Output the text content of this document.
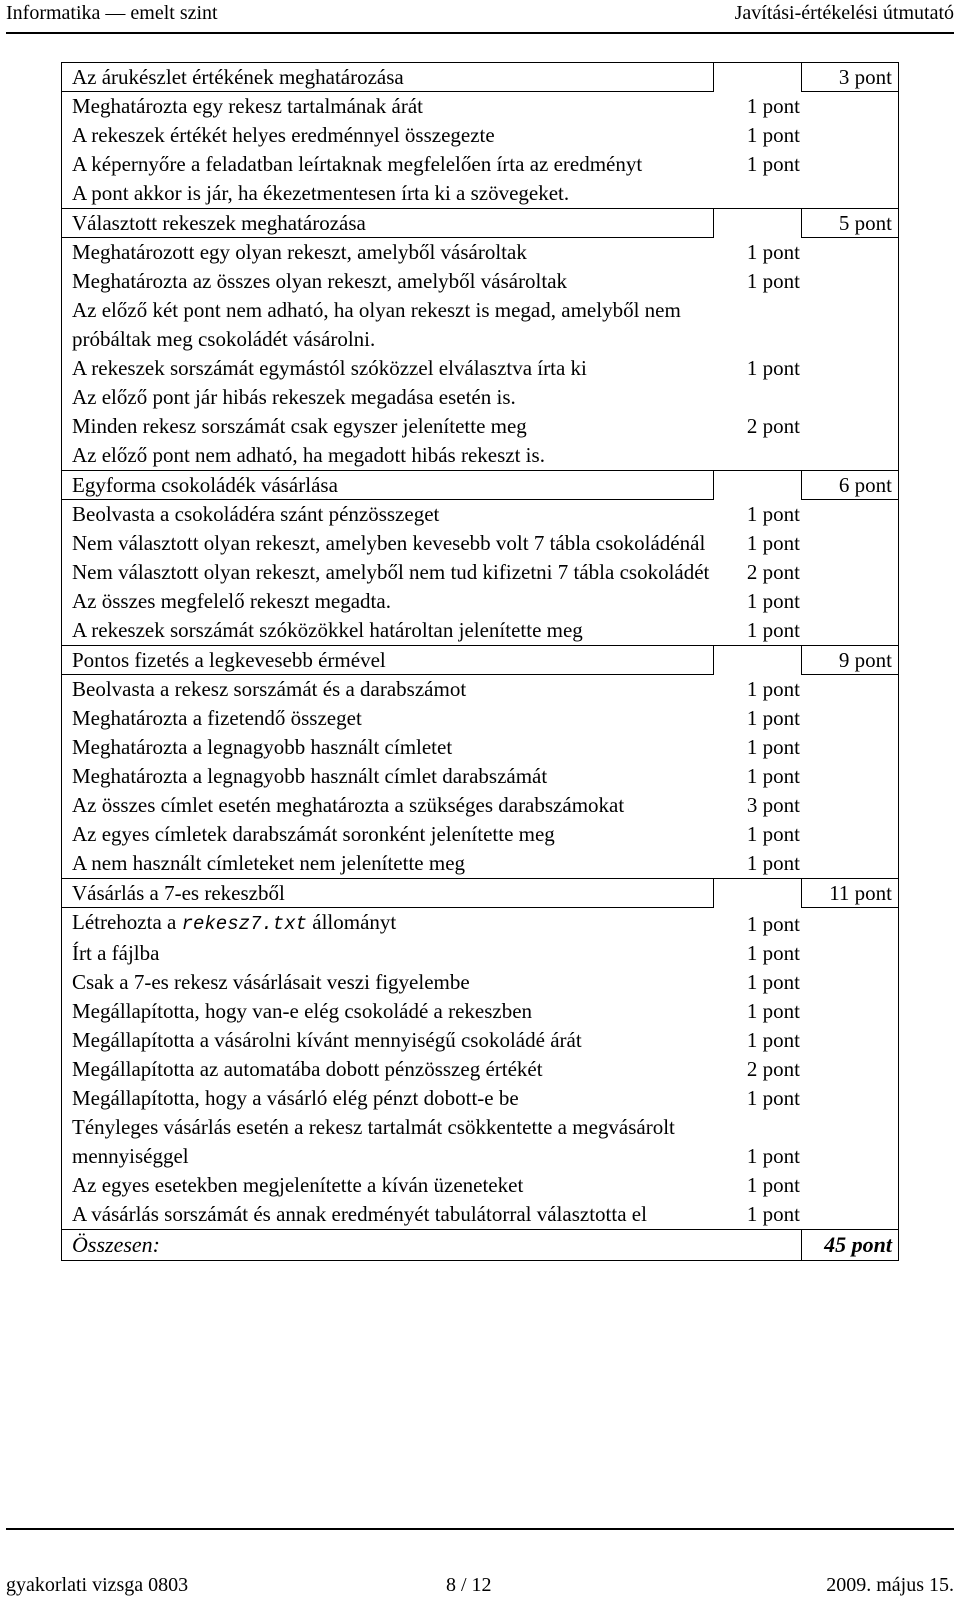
Informatika — emelt szint	Javítási-értékelési útmutató
Az árukészlet értékének meghatározása	3 pont
Meghatározta egy rekesz tartalmának árát	1 pont
A rekeszek értékét helyes eredménnyel összegezte	1 pont
A képernyőre a feladatban leírtaknak megfelelően írta az eredményt	1 pont
A pont akkor is jár, ha ékezetmentesen írta ki a szövegeket.
Választott rekeszek meghatározása	5 pont
Meghatározott egy olyan rekeszt, amelyből vásároltak	1 pont
Meghatározta az összes olyan rekeszt, amelyből vásároltak	1 pont
Az előző két pont nem adható, ha olyan rekeszt is megad, amelyből nem próbáltak meg csokoládét vásárolni.
A rekeszek sorszámát egymástól szóközzel elválasztva írta ki	1 pont
Az előző pont jár hibás rekeszek megadása esetén is.
Minden rekesz sorszámát csak egyszer jelenítette meg	2 pont
Az előző pont nem adható, ha megadott hibás rekeszt is.
Egyforma csokoládék vásárlása	6 pont
Beolvasta a csokoládéra szánt pénzösszeget	1 pont
Nem választott olyan rekeszt, amelyben kevesebb volt 7 tábla csokoládénál	1 pont
Nem választott olyan rekeszt, amelyből nem tud kifizetni 7 tábla csokoládét	2 pont
Az összes megfelelő rekeszt megadta.	1 pont
A rekeszek sorszámát szóközökkel határoltan jelenítette meg	1 pont
Pontos fizetés a legkevesebb érmével	9 pont
Beolvasta a rekesz sorszámát és a darabszámot	1 pont
Meghatározta a fizetendő összeget	1 pont
Meghatározta a legnagyobb használt címletet	1 pont
Meghatározta a legnagyobb használt címlet darabszámát	1 pont
Az összes címlet esetén meghatározta a szükséges darabszámokat	3 pont
Az egyes címletek darabszámát soronként jelenítette meg	1 pont
A nem használt címleteket nem jelenítette meg	1 pont
Vásárlás a 7-es rekeszből	11 pont
Létrehozta a rekesz7.txt állományt	1 pont
Írt a fájlba	1 pont
Csak a 7-es rekesz vásárlásait veszi figyelembe	1 pont
Megállapította, hogy van-e elég csokoládé a rekeszben	1 pont
Megállapította a vásárolni kívánt mennyiségű csokoládé árát	1 pont
Megállapította az automatába dobott pénzösszeg értékét	2 pont
Megállapította, hogy a vásárló elég pénzt dobott-e be	1 pont
Tényleges vásárlás esetén a rekesz tartalmát csökkentette a megvásárolt mennyiséggel	1 pont
Az egyes esetekben megjelenítette a kíván üzeneteket	1 pont
A vásárlás sorszámát és annak eredményét tabulátorral választotta el	1 pont
Összesen:	45 pont
gyakorlati vizsga 0803	8 / 12	2009. május 15.
